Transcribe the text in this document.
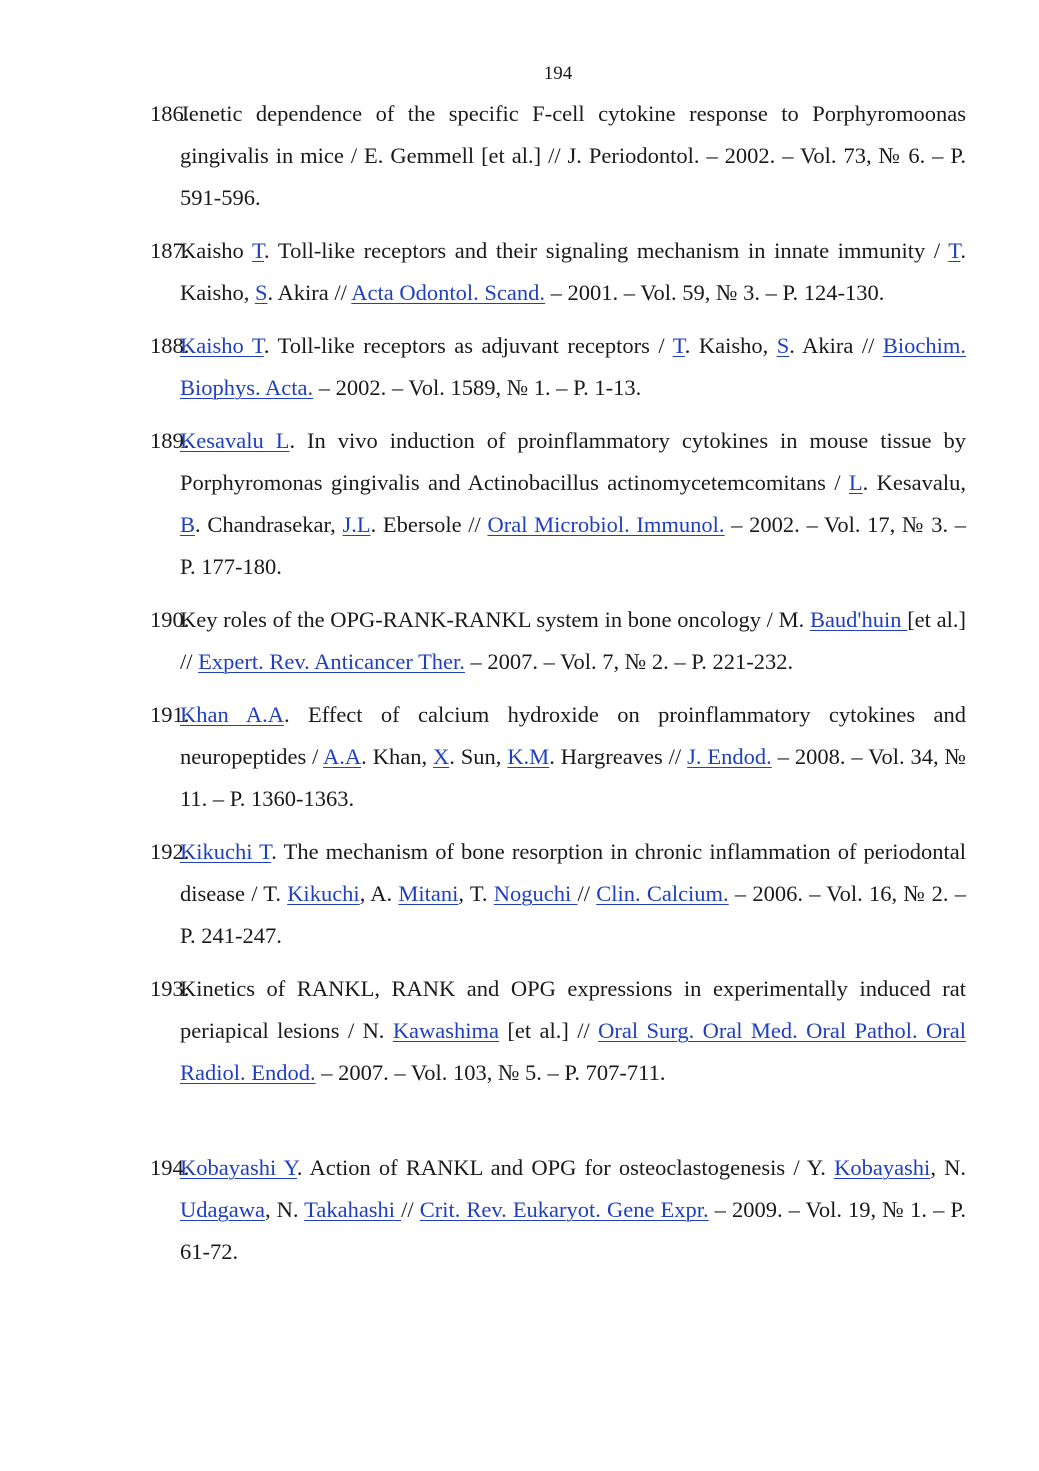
194

186.
Jenetic dependence of the specific F-cell cytokine response to Porphyromoonas gingivalis in mice / E. Gemmell [et al.] // J. Periodontol. – 2002. – Vol. 73, № 6. – P. 591-596.

187.
Kaisho T. Toll-like receptors and their signaling mechanism in innate immunity / T. Kaisho, S. Akira // Acta Odontol. Scand. – 2001. – Vol. 59, № 3. – P. 124-130.

188.
Kaisho T. Toll-like receptors as adjuvant receptors / T. Kaisho, S. Akira // Biochim. Biophys. Acta. – 2002. – Vol. 1589, № 1. – P. 1-13.

189.
Kesavalu L. In vivo induction of proinflammatory cytokines in mouse tissue by Porphyromonas gingivalis and Actinobacillus actinomycetemcomitans / L. Kesavalu, B. Chandrasekar, J.L. Ebersole // Oral Microbiol. Immunol. – 2002. – Vol. 17, № 3. – P. 177-180.

190.
Key roles of the OPG-RANK-RANKL system in bone oncology / M. Baud'huin [et al.] // Expert. Rev. Anticancer Ther. – 2007. – Vol. 7, № 2. – P. 221-232.

191.
Khan A.A. Effect of calcium hydroxide on proinflammatory cytokines and neuropeptides / A.A. Khan, X. Sun, K.M. Hargreaves // J. Endod. – 2008. – Vol. 34, № 11. – P. 1360-1363.

192.
Kikuchi T. The mechanism of bone resorption in chronic inflammation of periodontal disease / T. Kikuchi, A. Mitani, T. Noguchi // Clin. Calcium. – 2006. – Vol. 16, № 2. – P. 241-247.

193.
Kinetics of RANKL, RANK and OPG expressions in experimentally induced rat periapical lesions / N. Kawashima [et al.] // Oral Surg. Oral Med. Oral Pathol. Oral Radiol. Endod. – 2007. – Vol. 103, № 5. – P. 707-711.

194.
Kobayashi Y. Action of RANKL and OPG for osteoclastogenesis / Y. Kobayashi, N. Udagawa, N. Takahashi // Crit. Rev. Eukaryot. Gene Expr. – 2009. – Vol. 19, № 1. – P. 61-72.
